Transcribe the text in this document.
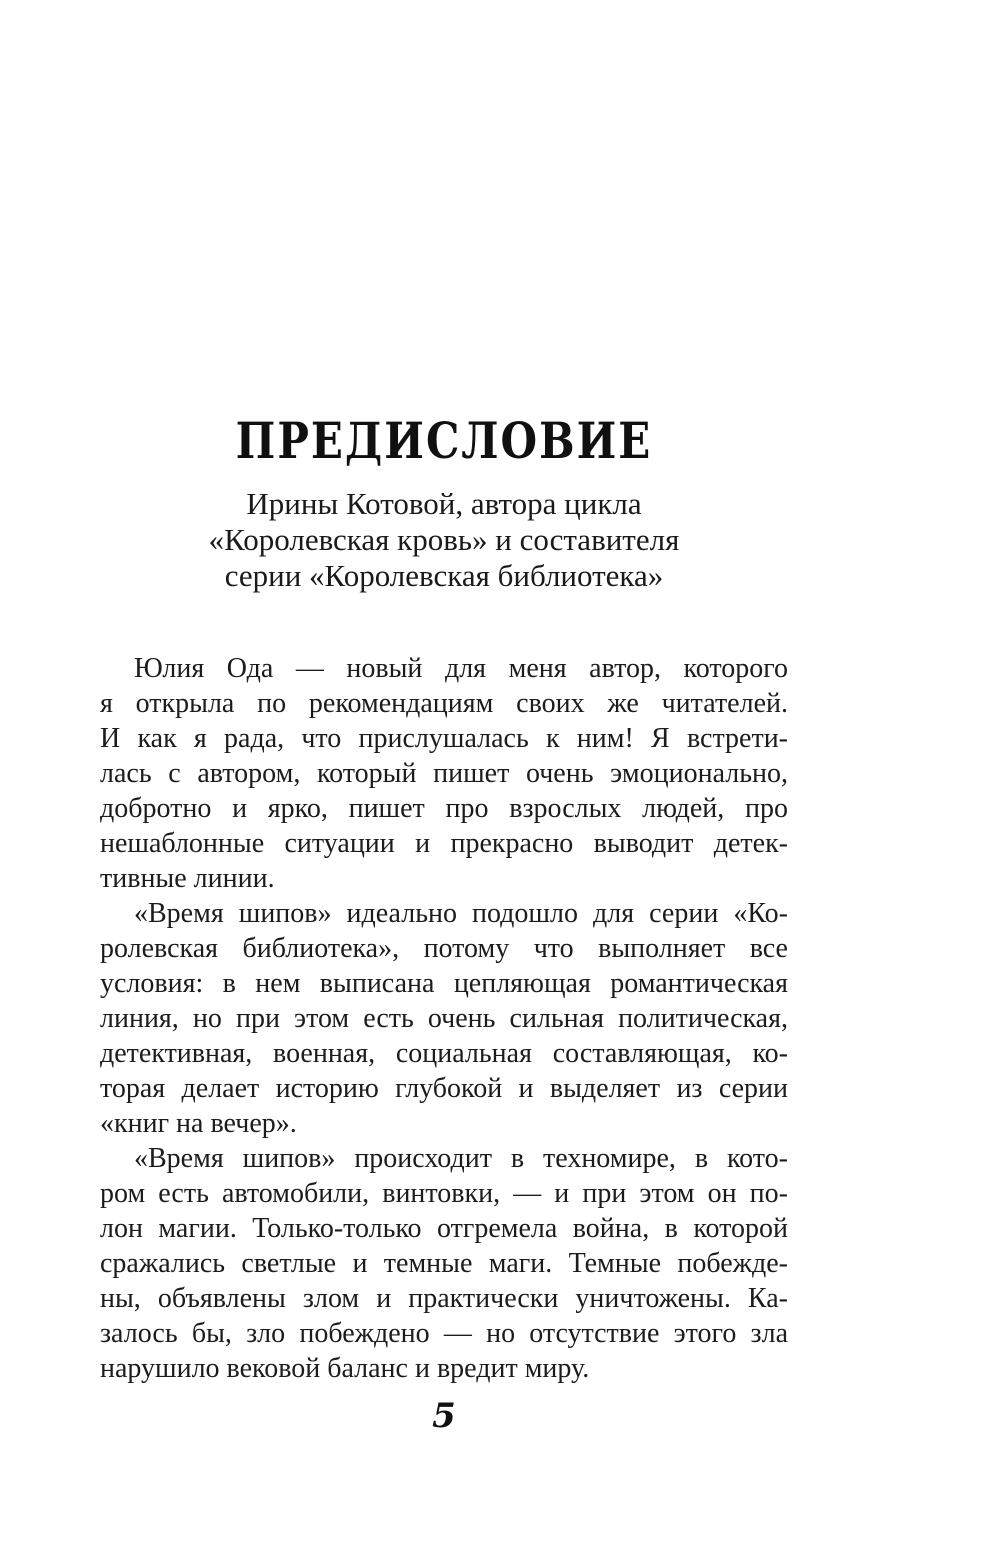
ПРЕДИСЛОВИЕ
Ирины Котовой, автора цикла
«Королевская кровь» и составителя
серии «Королевская библиотека»
Юлия Ода — новый для меня автор, которого
я открыла по рекомендациям своих же читателей.
И как я рада, что прислушалась к ним! Я встрети-
лась с автором, который пишет очень эмоционально,
добротно и ярко, пишет про взрослых людей, про
нешаблонные ситуации и прекрасно выводит детек-
тивные линии.
«Время шипов» идеально подошло для серии «Ко-
ролевская библиотека», потому что выполняет все
условия: в нем выписана цепляющая романтическая
линия, но при этом есть очень сильная политическая,
детективная, военная, социальная составляющая, ко-
торая делает историю глубокой и выделяет из серии
«книг на вечер».
«Время шипов» происходит в техномире, в кото-
ром есть автомобили, винтовки, — и при этом он по-
лон магии. Только-только отгремела война, в которой
сражались светлые и темные маги. Темные побежде-
ны, объявлены злом и практически уничтожены. Ка-
залось бы, зло побеждено — но отсутствие этого зла
нарушило вековой баланс и вредит миру.
5
